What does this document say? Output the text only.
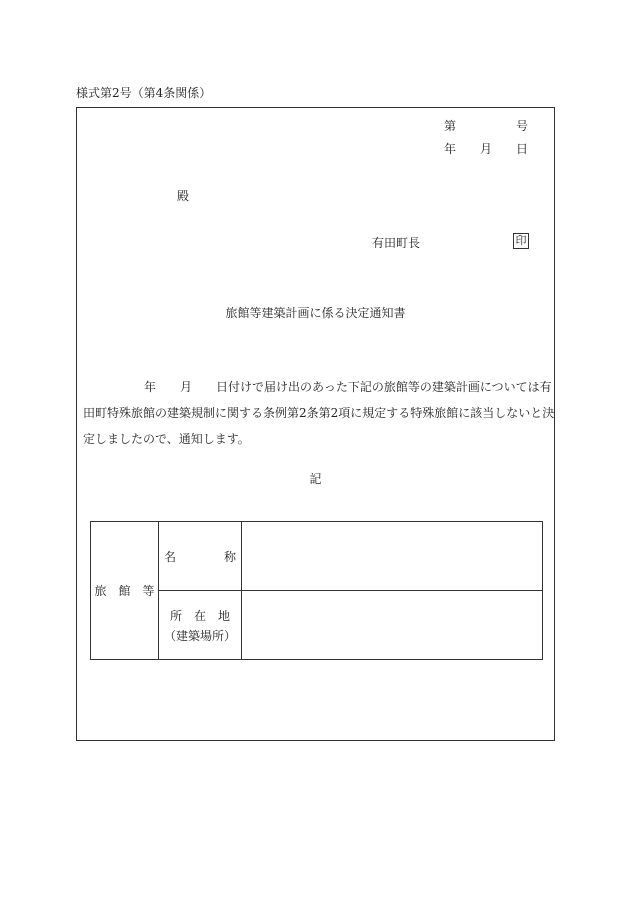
様式第2号（第4条関係）
第	号
年 月 日
殿
有田町長	印
旅館等建築計画に係る決定通知書
年 月 日付けで届け出のあった下記の旅館等の建築計画については有
田町特殊旅館の建築規制に関する条例第2条第2項に規定する特殊旅館に該当しないと決
定しましたので、通知します。
記
旅　館　等	名　　　　称	

	所　在　地
（建築場所）	
